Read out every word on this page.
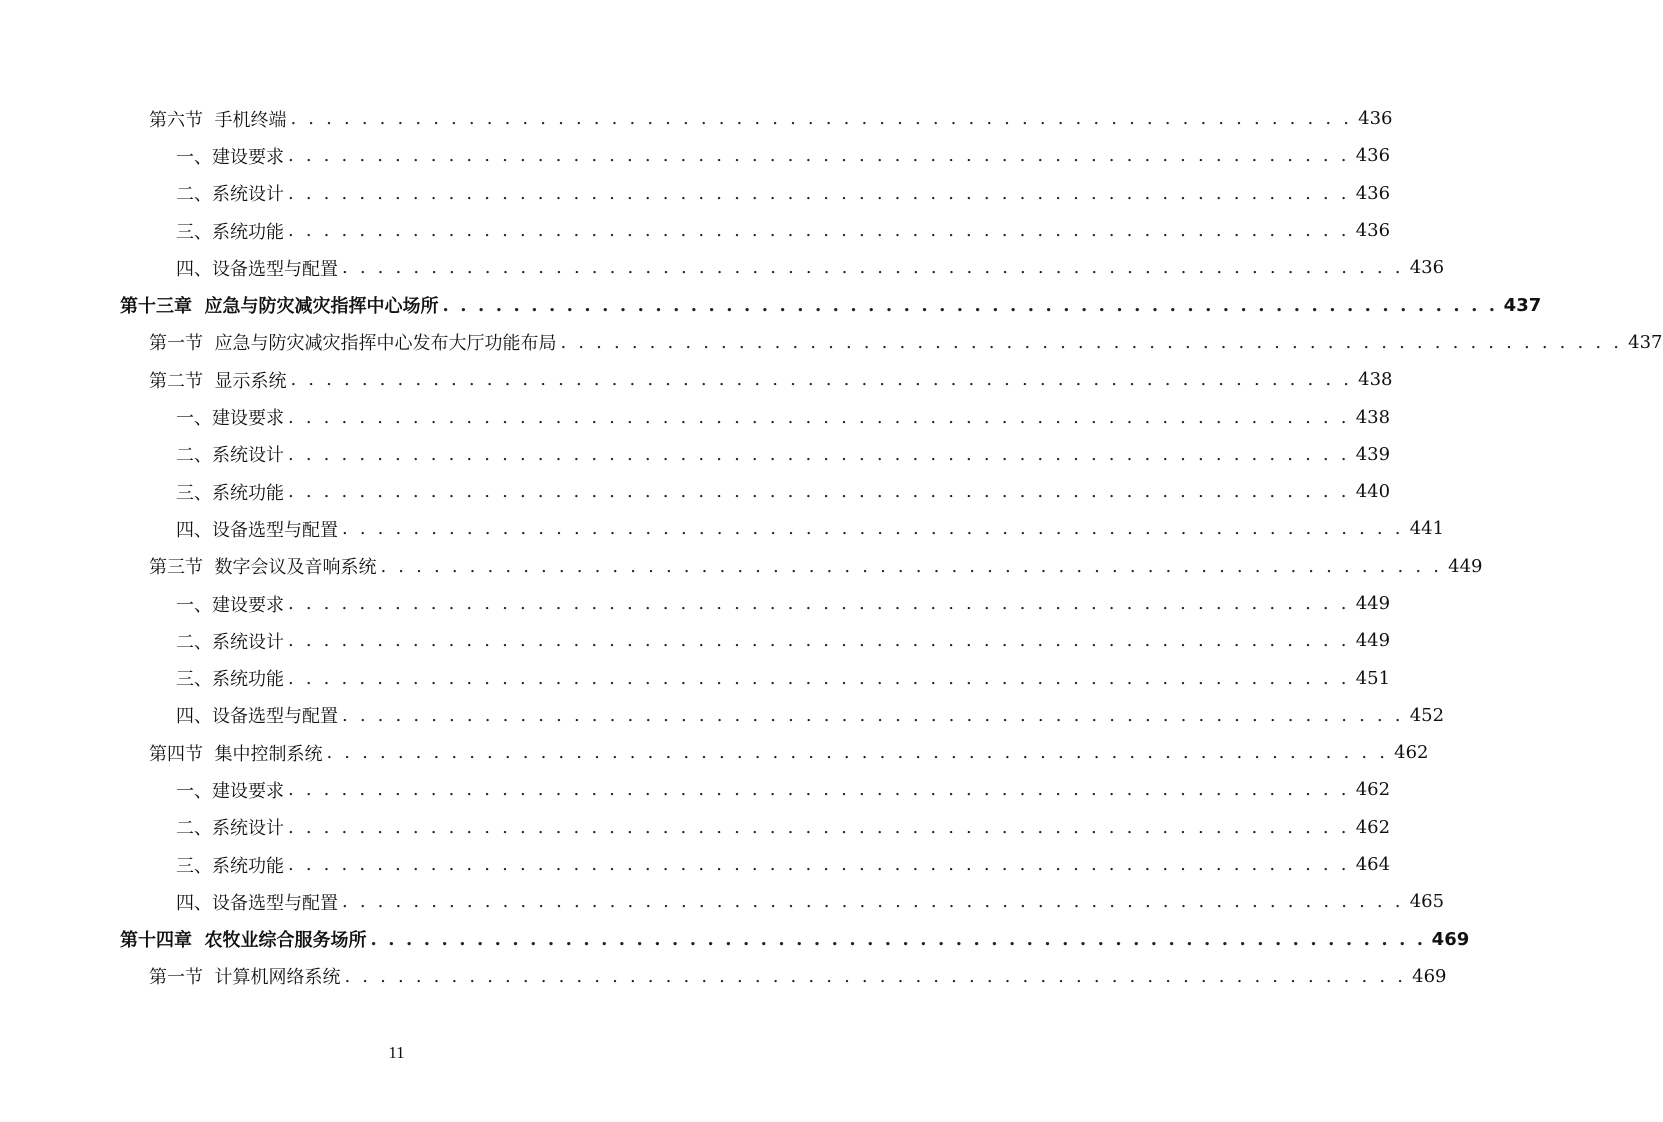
第六节  手机终端 . . . . . . . . . . . . . . . . . . . . . . . . . . . . . . . . . . . . . . . . . . . . . . . . . . . . . . . . . . . . 436
一、建设要求 . . . . . . . . . . . . . . . . . . . . . . . . . . . . . . . . . . . . . . . . . . . . . . . . . . . . . . . . . . . . 436
二、系统设计 . . . . . . . . . . . . . . . . . . . . . . . . . . . . . . . . . . . . . . . . . . . . . . . . . . . . . . . . . . . . 436
三、系统功能 . . . . . . . . . . . . . . . . . . . . . . . . . . . . . . . . . . . . . . . . . . . . . . . . . . . . . . . . . . . . 436
四、设备选型与配置 . . . . . . . . . . . . . . . . . . . . . . . . . . . . . . . . . . . . . . . . . . . . . . . . . . . . . . . . . . . . 436
第十三章  应急与防灾减灾指挥中心场所 . . . . . . . . . . . . . . . . . . . . . . . . . . . . . . . . . . . . . . . . . . . . . . . . . . . . . . . . . . . . 437
第一节  应急与防灾减灾指挥中心发布大厅功能布局 . . . . . . . . . . . . . . . . . . . . . . . . . . . . . . . . . . . . . . . . . . . . . . . . . . . . . . . . . . . . 437
第二节  显示系统 . . . . . . . . . . . . . . . . . . . . . . . . . . . . . . . . . . . . . . . . . . . . . . . . . . . . . . . . . . . . 438
一、建设要求 . . . . . . . . . . . . . . . . . . . . . . . . . . . . . . . . . . . . . . . . . . . . . . . . . . . . . . . . . . . . 438
二、系统设计 . . . . . . . . . . . . . . . . . . . . . . . . . . . . . . . . . . . . . . . . . . . . . . . . . . . . . . . . . . . . 439
三、系统功能 . . . . . . . . . . . . . . . . . . . . . . . . . . . . . . . . . . . . . . . . . . . . . . . . . . . . . . . . . . . . 440
四、设备选型与配置 . . . . . . . . . . . . . . . . . . . . . . . . . . . . . . . . . . . . . . . . . . . . . . . . . . . . . . . . . . . . 441
第三节  数字会议及音响系统 . . . . . . . . . . . . . . . . . . . . . . . . . . . . . . . . . . . . . . . . . . . . . . . . . . . . . . . . . . . . 449
一、建设要求 . . . . . . . . . . . . . . . . . . . . . . . . . . . . . . . . . . . . . . . . . . . . . . . . . . . . . . . . . . . . 449
二、系统设计 . . . . . . . . . . . . . . . . . . . . . . . . . . . . . . . . . . . . . . . . . . . . . . . . . . . . . . . . . . . . 449
三、系统功能 . . . . . . . . . . . . . . . . . . . . . . . . . . . . . . . . . . . . . . . . . . . . . . . . . . . . . . . . . . . . 451
四、设备选型与配置 . . . . . . . . . . . . . . . . . . . . . . . . . . . . . . . . . . . . . . . . . . . . . . . . . . . . . . . . . . . . 452
第四节  集中控制系统 . . . . . . . . . . . . . . . . . . . . . . . . . . . . . . . . . . . . . . . . . . . . . . . . . . . . . . . . . . . . 462
一、建设要求 . . . . . . . . . . . . . . . . . . . . . . . . . . . . . . . . . . . . . . . . . . . . . . . . . . . . . . . . . . . . 462
二、系统设计 . . . . . . . . . . . . . . . . . . . . . . . . . . . . . . . . . . . . . . . . . . . . . . . . . . . . . . . . . . . . 462
三、系统功能 . . . . . . . . . . . . . . . . . . . . . . . . . . . . . . . . . . . . . . . . . . . . . . . . . . . . . . . . . . . . 464
四、设备选型与配置 . . . . . . . . . . . . . . . . . . . . . . . . . . . . . . . . . . . . . . . . . . . . . . . . . . . . . . . . . . . . 465
第十四章  农牧业综合服务场所 . . . . . . . . . . . . . . . . . . . . . . . . . . . . . . . . . . . . . . . . . . . . . . . . . . . . . . . . . . . . 469
第一节  计算机网络系统 . . . . . . . . . . . . . . . . . . . . . . . . . . . . . . . . . . . . . . . . . . . . . . . . . . . . . . . . . . . . 469
11
